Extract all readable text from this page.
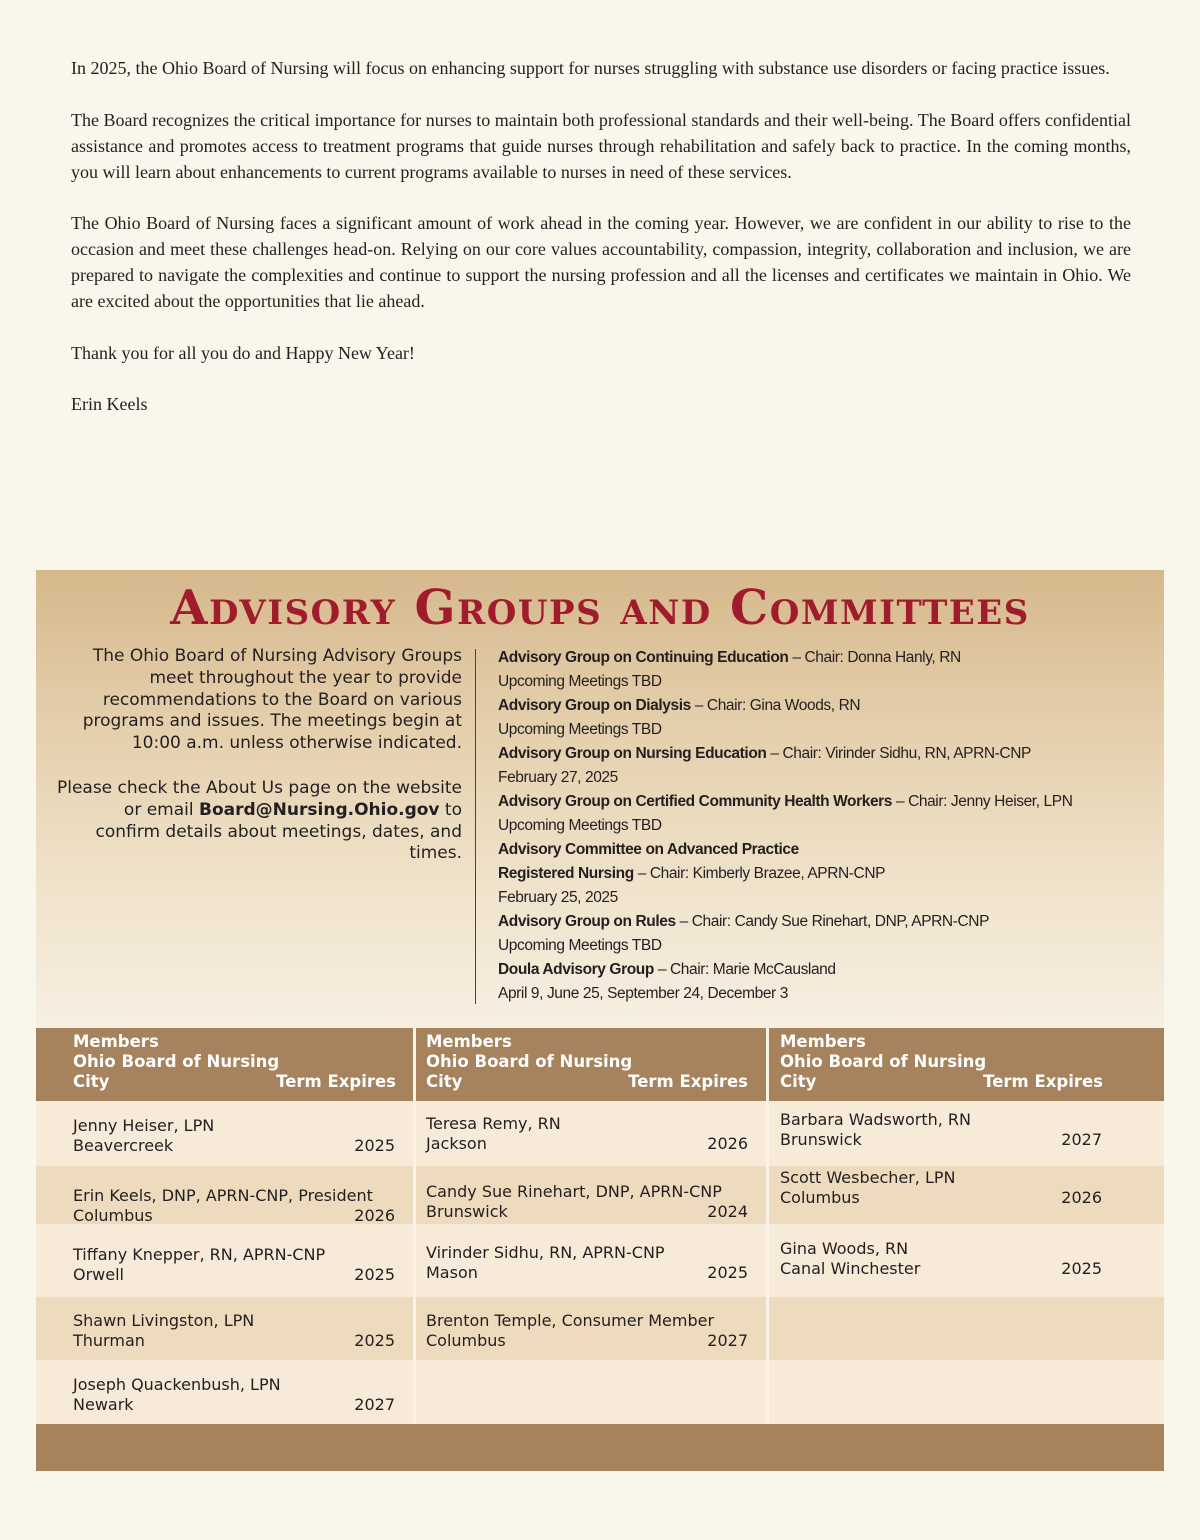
In 2025, the Ohio Board of Nursing will focus on enhancing support for nurses struggling with substance use disorders or facing practice issues.

The Board recognizes the critical importance for nurses to maintain both professional standards and their well-being. The Board offers confidential assistance and promotes access to treatment programs that guide nurses through rehabilitation and safely back to practice. In the coming months, you will learn about enhancements to current programs available to nurses in need of these services.

The Ohio Board of Nursing faces a significant amount of work ahead in the coming year. However, we are confident in our ability to rise to the occasion and meet these challenges head-on. Relying on our core values accountability, compassion, integrity, collaboration and inclusion, we are prepared to navigate the complexities and continue to support the nursing profession and all the licenses and certificates we maintain in Ohio. We are excited about the opportunities that lie ahead.

Thank you for all you do and Happy New Year!

Erin Keels

Advisory Groups and Committees

The Ohio Board of Nursing Advisory Groups meet throughout the year to provide recommendations to the Board on various programs and issues. The meetings begin at 10:00 a.m. unless otherwise indicated.

Please check the About Us page on the website or email Board@Nursing.Ohio.gov to confirm details about meetings, dates, and times.

Advisory Group on Continuing Education – Chair: Donna Hanly, RN
Upcoming Meetings TBD
Advisory Group on Dialysis – Chair: Gina Woods, RN
Upcoming Meetings TBD
Advisory Group on Nursing Education – Chair: Virinder Sidhu, RN, APRN-CNP
February 27, 2025
Advisory Group on Certified Community Health Workers – Chair: Jenny Heiser, LPN
Upcoming Meetings TBD
Advisory Committee on Advanced Practice
Registered Nursing – Chair: Kimberly Brazee, APRN-CNP
February 25, 2025
Advisory Group on Rules – Chair: Candy Sue Rinehart, DNP, APRN-CNP
Upcoming Meetings TBD
Doula Advisory Group – Chair: Marie McCausland
April 9, June 25, September 24, December 3
Members
Ohio Board of Nursing
City	Term Expires
Members
Ohio Board of Nursing
City	Term Expires
Members
Ohio Board of Nursing
City	Term Expires
Jenny Heiser, LPN
Beavercreek	2025
Erin Keels, DNP, APRN-CNP, President
Columbus	2026
Tiffany Knepper, RN, APRN-CNP
Orwell	2025
Shawn Livingston, LPN
Thurman	2025
Joseph Quackenbush, LPN
Newark	2027
Teresa Remy, RN
Jackson	2026
Candy Sue Rinehart, DNP, APRN-CNP
Brunswick	2024
Virinder Sidhu, RN, APRN-CNP
Mason	2025
Brenton Temple, Consumer Member
Columbus	2027
Barbara Wadsworth, RN
Brunswick	2027
Scott Wesbecher, LPN
Columbus	2026
Gina Woods, RN
Canal Winchester	2025
